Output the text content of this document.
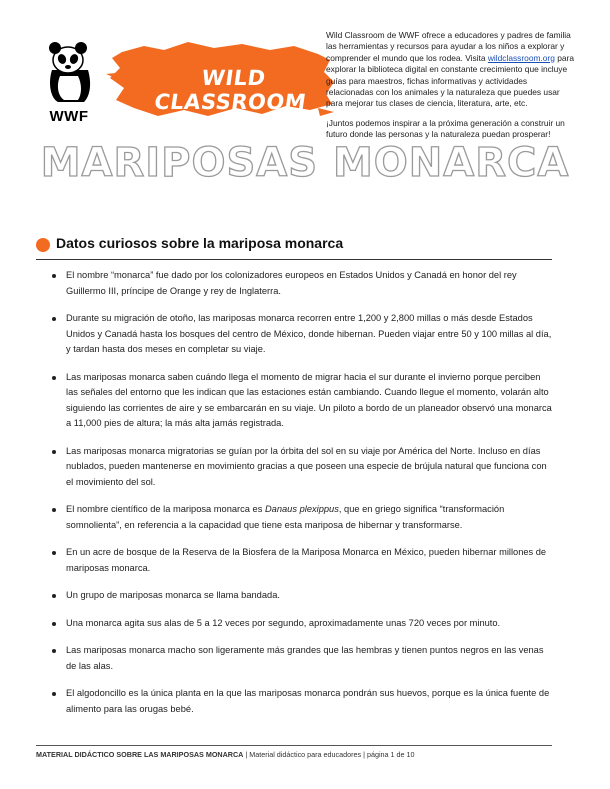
WWF
WILD CLASSROOM

Wild Classroom de WWF ofrece a educadores y padres de familia las herramientas y recursos para ayudar a los niños a explorar y comprender el mundo que los rodea. Visita wildclassroom.org para explorar la biblioteca digital en constante crecimiento que incluye guías para maestros, fichas informativas y actividades relacionadas con los animales y la naturaleza que puedes usar para mejorar tus clases de ciencia, literatura, arte, etc.

¡Juntos podemos inspirar a la próxima generación a construir un futuro donde las personas y la naturaleza puedan prosperar!

MARIPOSAS MONARCA
Datos curiosos sobre la mariposa monarca
El nombre “monarca” fue dado por los colonizadores europeos en Estados Unidos y Canadá en honor del rey Guillermo III, príncipe de Orange y rey de Inglaterra.
Durante su migración de otoño, las mariposas monarca recorren entre 1,200 y 2,800 millas o más desde Estados Unidos y Canadá hasta los bosques del centro de México, donde hibernan. Pueden viajar entre 50 y 100 millas al día, y tardan hasta dos meses en completar su viaje.
Las mariposas monarca saben cuándo llega el momento de migrar hacia el sur durante el invierno porque perciben las señales del entorno que les indican que las estaciones están cambiando. Cuando llegue el momento, volarán alto siguiendo las corrientes de aire y se embarcarán en su viaje. Un piloto a bordo de un planeador observó una monarca a 11,000 pies de altura; la más alta jamás registrada.
Las mariposas monarca migratorias se guían por la órbita del sol en su viaje por América del Norte. Incluso en días nublados, pueden mantenerse en movimiento gracias a que poseen una especie de brújula natural que funciona con el movimiento del sol.
El nombre científico de la mariposa monarca es Danaus plexippus, que en griego significa “transformación somnolienta”, en referencia a la capacidad que tiene esta mariposa de hibernar y transformarse.
En un acre de bosque de la Reserva de la Biosfera de la Mariposa Monarca en México, pueden hibernar millones de mariposas monarca.
Un grupo de mariposas monarca se llama bandada.
Una monarca agita sus alas de 5 a 12 veces por segundo, aproximadamente unas 720 veces por minuto.
Las mariposas monarca macho son ligeramente más grandes que las hembras y tienen puntos negros en las venas de las alas.
El algodoncillo es la única planta en la que las mariposas monarca pondrán sus huevos, porque es la única fuente de alimento para las orugas bebé.
MATERIAL DIDÁCTICO SOBRE LAS MARIPOSAS MONARCA | Material didáctico para educadores | página 1 de 10
